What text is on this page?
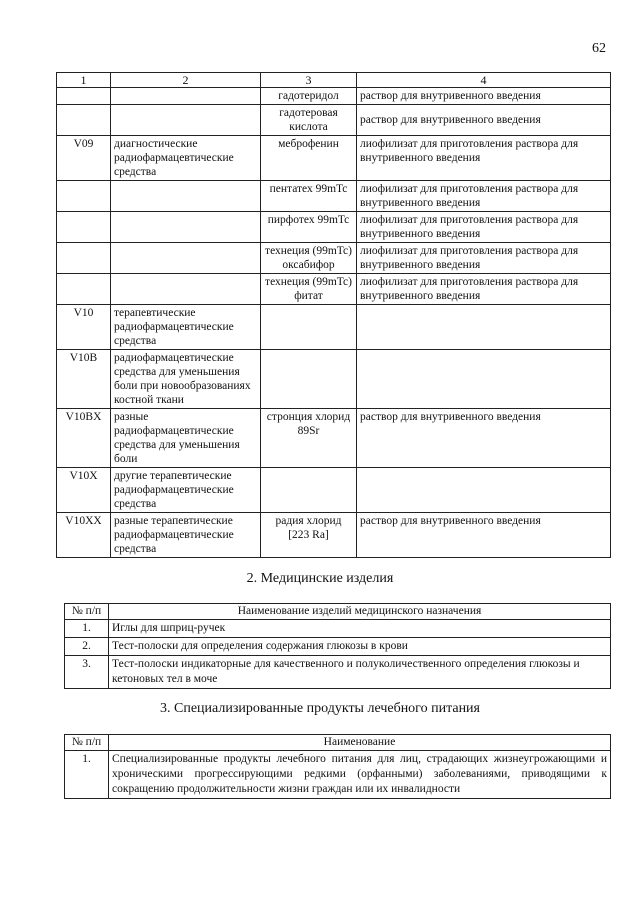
62
1	2	3	4
		гадотеридол	раствор для внутривенного введения
		гадотеровая кислота	раствор для внутривенного введения
V09	диагностические радиофармацевтические средства	меброфенин	лиофилизат для приготовления раствора для внутривенного введения
		пентатех 99mTc	лиофилизат для приготовления раствора для внутривенного введения
		пирфотех 99mTc	лиофилизат для приготовления раствора для внутривенного введения
		технеция (99mTc) оксабифор	лиофилизат для приготовления раствора для внутривенного введения
		технеция (99mTc) фитат	лиофилизат для приготовления раствора для внутривенного введения
V10	терапевтические радиофармацевтические средства		
V10B	радиофармацевтические средства для уменьшения боли при новообразованиях костной ткани		
V10BX	разные радиофармацевтические средства для уменьшения боли	стронция хлорид 89Sr	раствор для внутривенного введения
V10X	другие терапевтические радиофармацевтические средства		
V10XX	разные терапевтические радиофармацевтические средства	радия хлорид [223 Ra]	раствор для внутривенного введения
2. Медицинские изделия
№ п/п	Наименование изделий медицинского назначения
1.	Иглы для шприц-ручек
2.	Тест-полоски для определения содержания глюкозы в крови
3.	Тест-полоски индикаторные для качественного и полуколичественного определения глюкозы и кетоновых тел в моче
3. Специализированные продукты лечебного питания
№ п/п	Наименование
1.	Специализированные продукты лечебного питания для лиц, страдающих жизнеугрожающими и хроническими прогрессирующими редкими (орфанными) заболеваниями, приводящими к сокращению продолжительности жизни граждан или их инвалидности
